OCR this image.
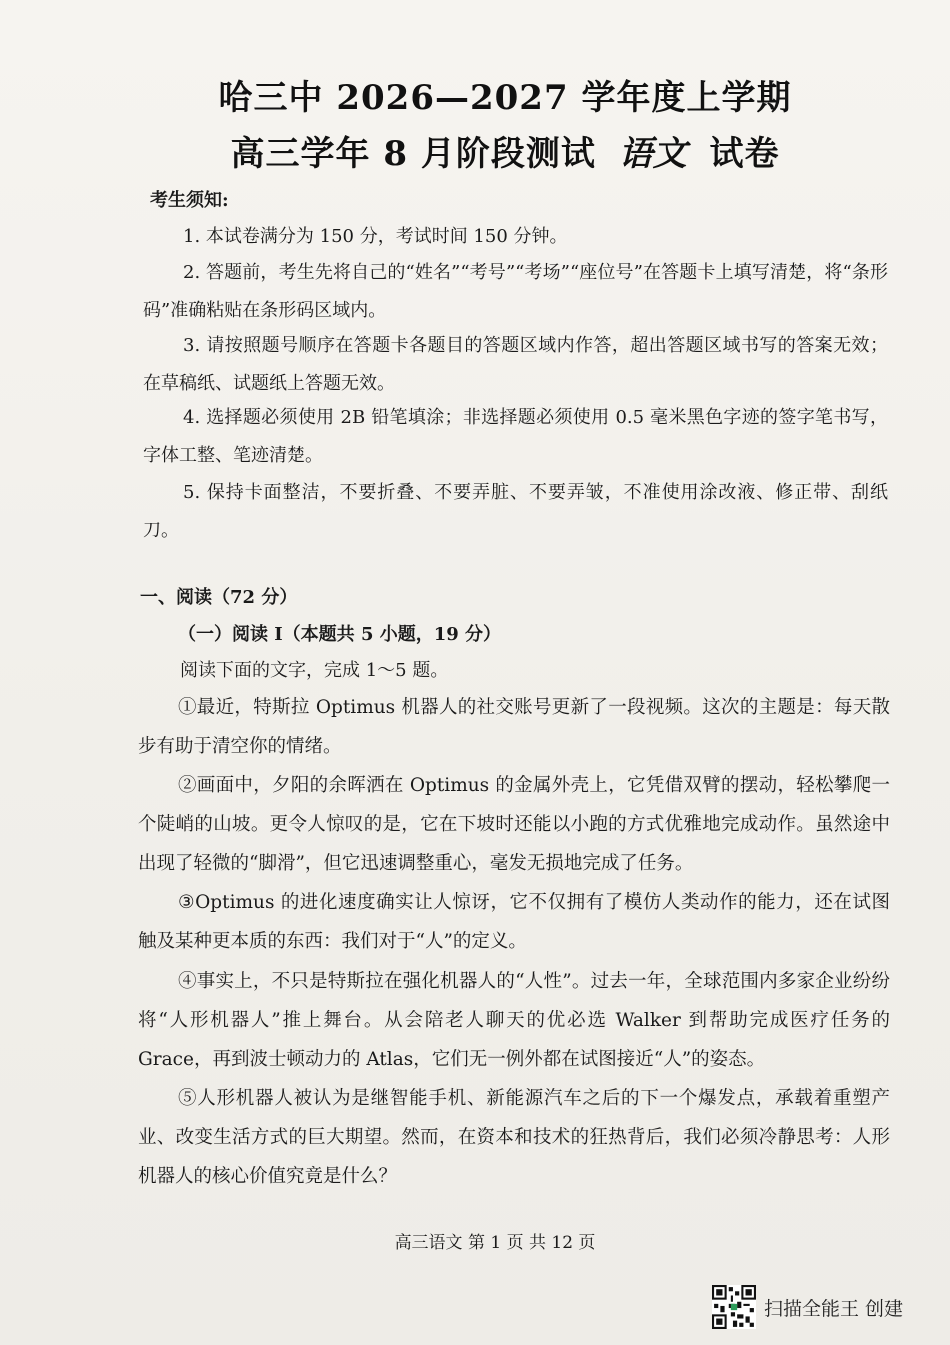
哈三中 2026—2027 学年度上学期
高三学年 8 月阶段测试 语文 试卷
考生须知:
1. 本试卷满分为 150 分，考试时间 150 分钟。
2. 答题前，考生先将自己的“姓名”“考号”“考场”“座位号”在答题卡上填写清楚，将“条形码”准确粘贴在条形码区域内。
3. 请按照题号顺序在答题卡各题目的答题区域内作答，超出答题区域书写的答案无效；在草稿纸、试题纸上答题无效。
4. 选择题必须使用 2B 铅笔填涂；非选择题必须使用 0.5 毫米黑色字迹的签字笔书写，字体工整、笔迹清楚。
5. 保持卡面整洁，不要折叠、不要弄脏、不要弄皱，不准使用涂改液、修正带、刮纸刀。
一、阅读（72 分）
（一）阅读 I（本题共 5 小题，19 分）
阅读下面的文字，完成 1～5 题。
①最近，特斯拉 Optimus 机器人的社交账号更新了一段视频。这次的主题是：每天散步有助于清空你的情绪。
②画面中，夕阳的余晖洒在 Optimus 的金属外壳上，它凭借双臂的摆动，轻松攀爬一个陡峭的山坡。更令人惊叹的是，它在下坡时还能以小跑的方式优雅地完成动作。虽然途中出现了轻微的“脚滑”，但它迅速调整重心，毫发无损地完成了任务。
③Optimus 的进化速度确实让人惊讶，它不仅拥有了模仿人类动作的能力，还在试图触及某种更本质的东西：我们对于“人”的定义。
④事实上，不只是特斯拉在强化机器人的“人性”。过去一年，全球范围内多家企业纷纷将“人形机器人”推上舞台。从会陪老人聊天的优必选 Walker 到帮助完成医疗任务的 Grace，再到波士顿动力的 Atlas，它们无一例外都在试图接近“人”的姿态。
⑤人形机器人被认为是继智能手机、新能源汽车之后的下一个爆发点，承载着重塑产业、改变生活方式的巨大期望。然而，在资本和技术的狂热背后，我们必须冷静思考：人形机器人的核心价值究竟是什么？
高三语文 第 1 页 共 12 页
扫描全能王 创建
